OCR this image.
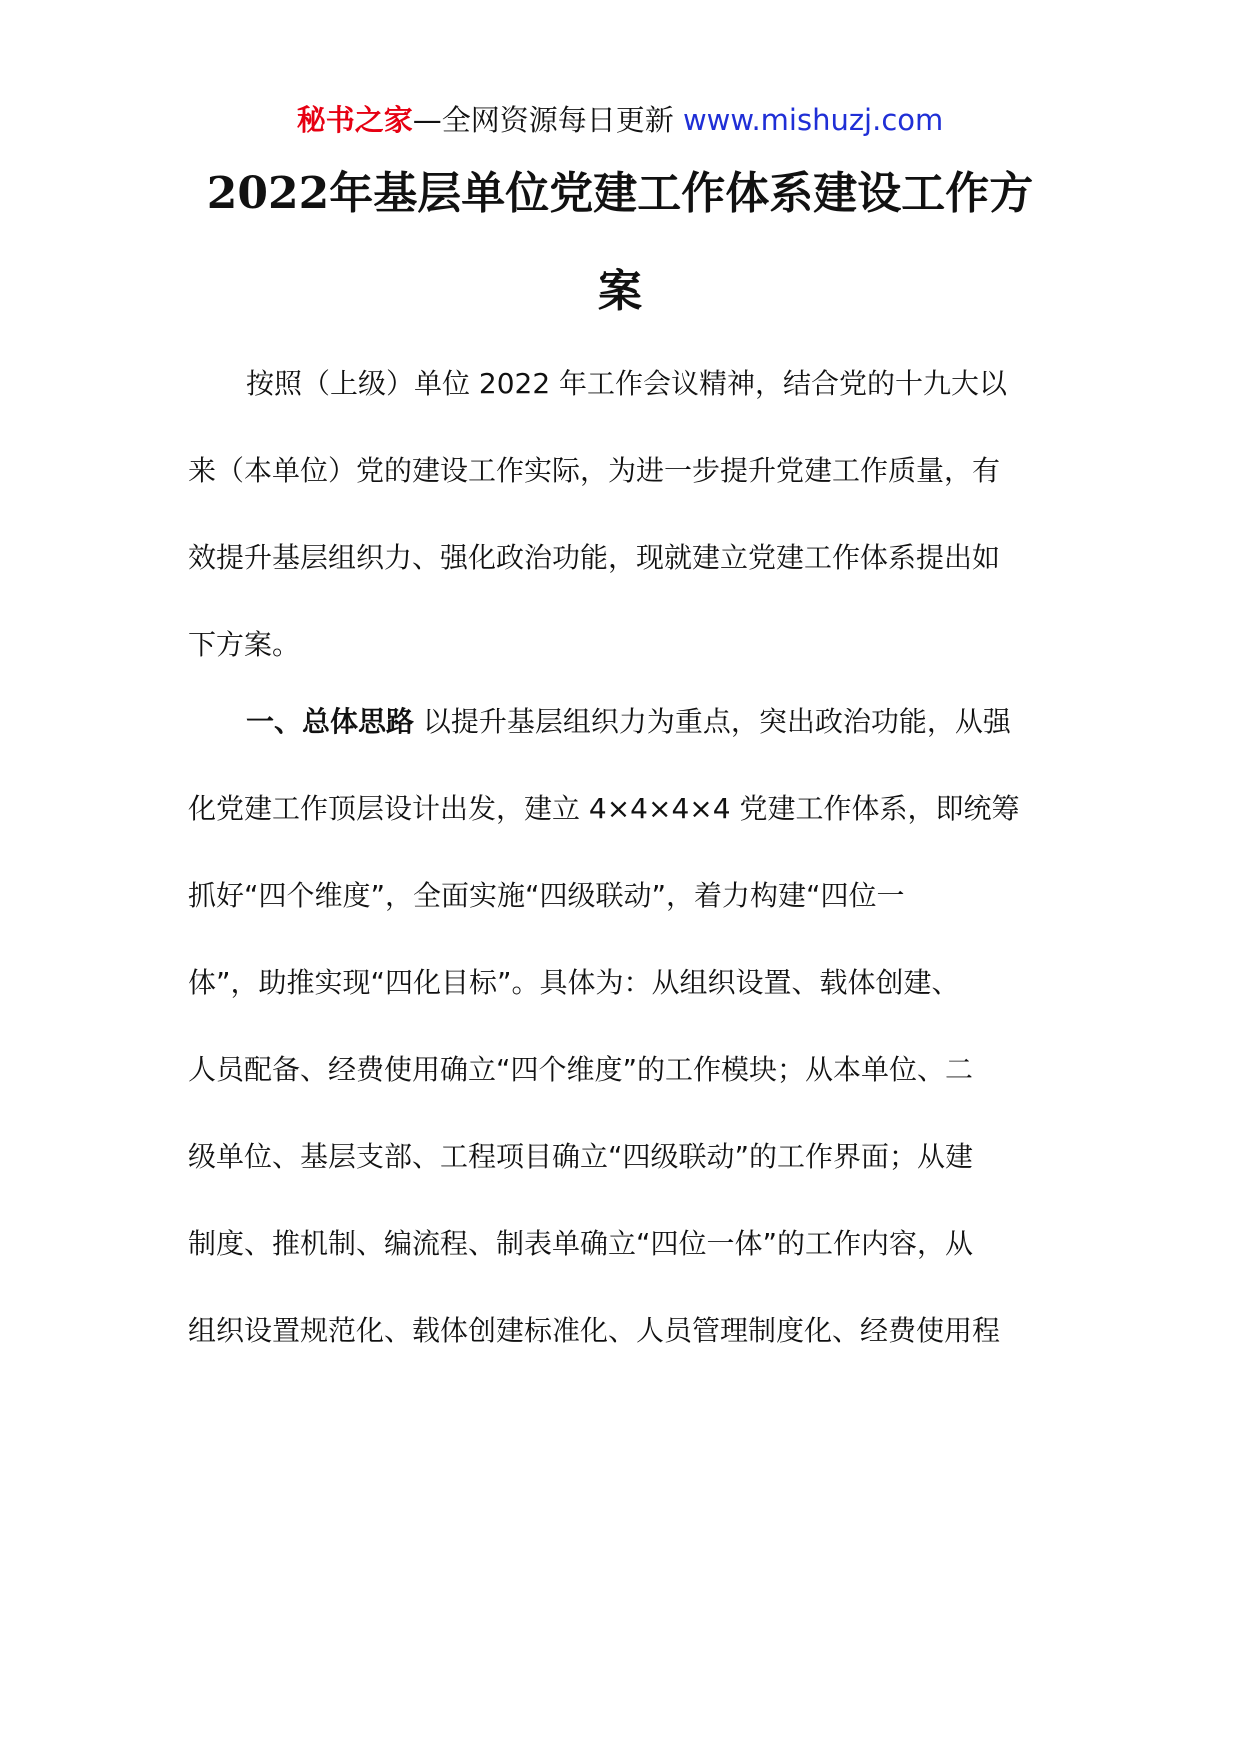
秘书之家—全网资源每日更新 www.mishuzj.com
2022年基层单位党建工作体系建设工作方
案

按照（上级）单位 2022 年工作会议精神，结合党的十九大以

来（本单位）党的建设工作实际，为进一步提升党建工作质量，有

效提升基层组织力、强化政治功能，现就建立党建工作体系提出如

下方案。

一、总体思路 以提升基层组织力为重点，突出政治功能，从强

化党建工作顶层设计出发，建立 4×4×4×4 党建工作体系，即统筹

抓好“四个维度”，全面实施“四级联动”，着力构建“四位一

体”，助推实现“四化目标”。具体为：从组织设置、载体创建、

人员配备、经费使用确立“四个维度”的工作模块；从本单位、二

级单位、基层支部、工程项目确立“四级联动”的工作界面；从建

制度、推机制、编流程、制表单确立“四位一体”的工作内容，从

组织设置规范化、载体创建标准化、人员管理制度化、经费使用程
